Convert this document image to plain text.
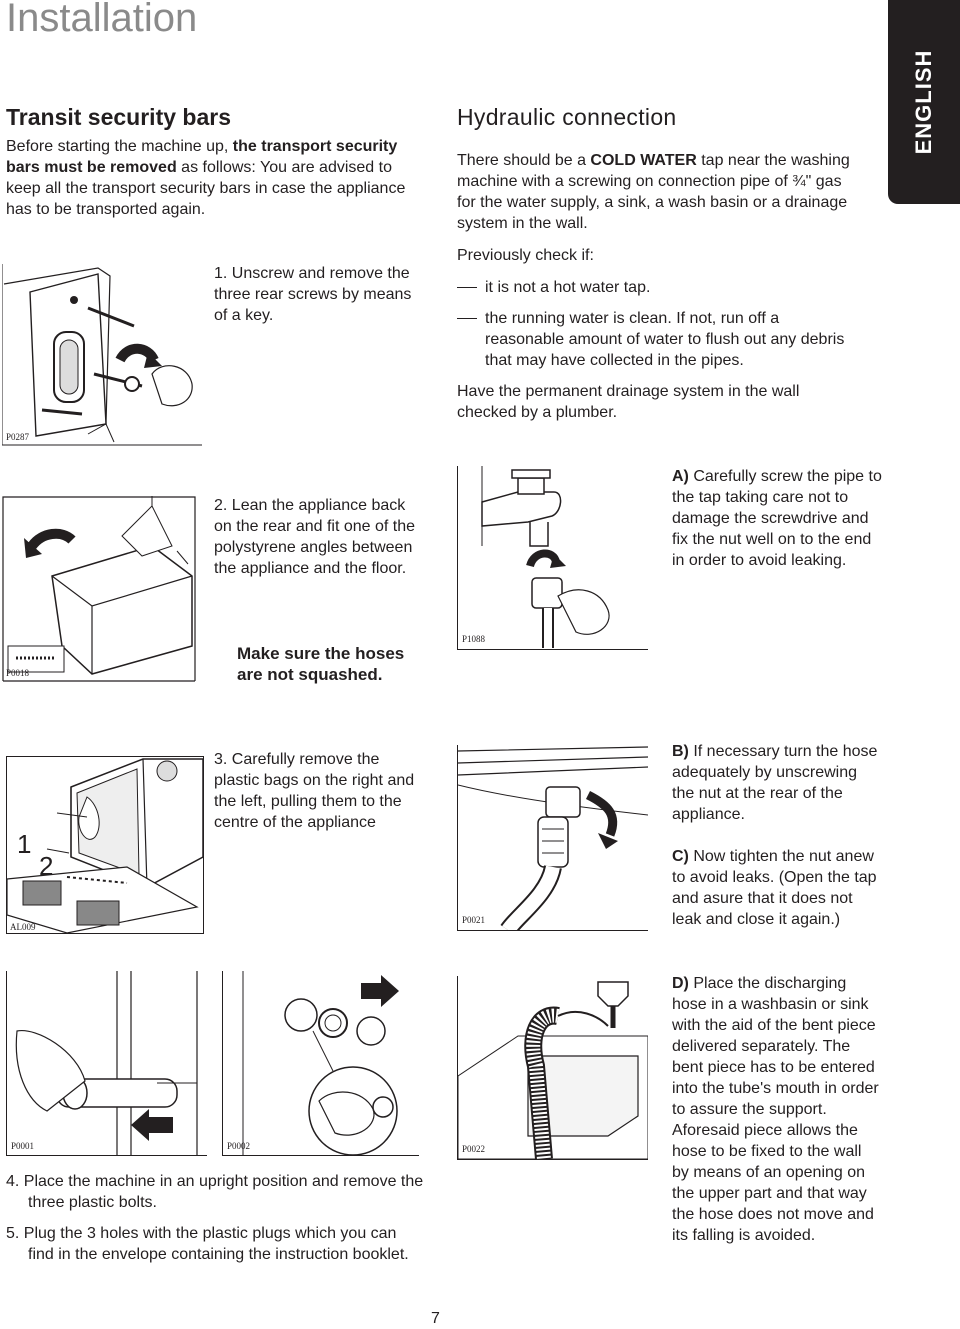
Installation
ENGLISH
Transit security bars
Before starting the machine up, the transport security bars must be removed as follows: You are advised to keep all the transport security bars in case the appliance has to be transported again.
P0287
1. Unscrew and remove the three rear screws by means of a key.
Hydraulic connection
There should be a COLD WATER tap near the washing machine with a screwing on connection pipe of ¾" gas for the water supply, a sink, a wash basin or a drainage system in the wall.
Previously check if:
it is not a hot water tap.
the running water is clean. If not, run off a reasonable amount of water to flush out any debris that may have collected in the pipes.
Have the permanent drainage system in the wall checked by a plumber.
P0018
2. Lean the appliance back on the rear and fit one of the polystyrene angles between the appliance and the floor.
Make sure the hoses are not squashed.
P1088
A) Carefully screw the pipe to the tap taking care not to damage the screwdrive and fix the nut well on to the end in order to avoid leaking.
1
2
AL009
3. Carefully remove the plastic bags on the right and the left, pulling them to the centre of the appliance
P0021
B) If necessary turn the hose adequately by unscrewing the nut at the rear of the appliance.
C) Now tighten the nut anew to avoid leaks. (Open the tap and asure that it does not leak and close it again.)
P0001	P0002	P0022
D) Place the discharging hose in a washbasin or sink with the aid of the bent piece delivered separately. The bent piece has to be entered into the tube's mouth in order to assure the support. Aforesaid piece allows the hose to be fixed to the wall by means of an opening on the upper part and that way the hose does not move and its falling is avoided.
4. Place the machine in an upright position and remove the three plastic bolts.
5. Plug the 3 holes with the plastic plugs which you can find in the envelope containing the instruction booklet.
7
